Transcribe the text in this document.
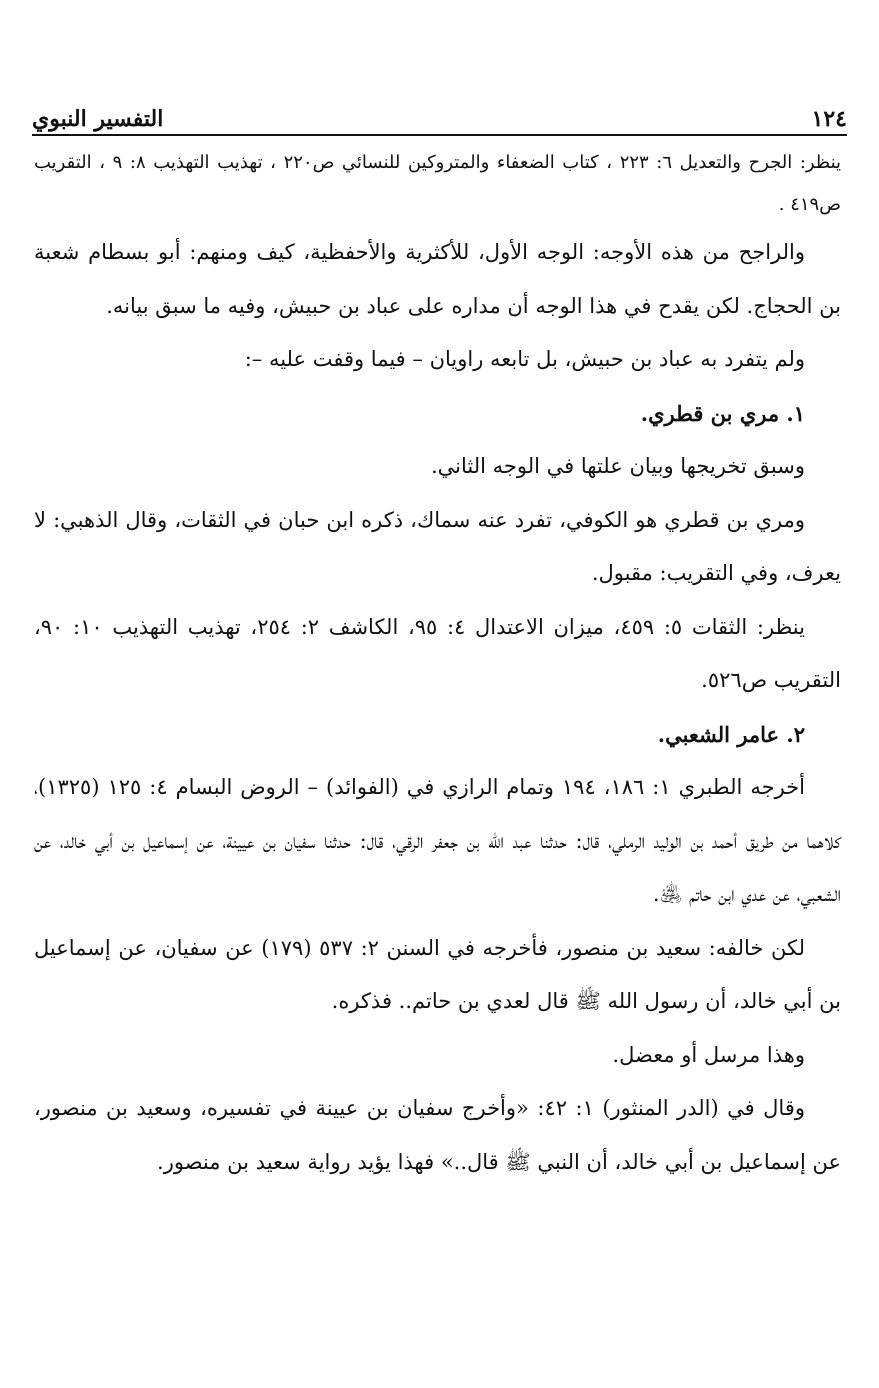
١٢٤
التفسير النبوي

ينظر: الجرح والتعديل ٦: ٢٢٣ ، كتاب الضعفاء والمتروكين للنسائي ص٢٢٠ ، تهذيب التهذيب ٨: ٩ ، التقريب ص٤١٩ .

والراجح من هذه الأوجه: الوجه الأول، للأكثرية والأحفظية، كيف ومنهم: أبو بسطام شعبة بن الحجاج. لكن يقدح في هذا الوجه أن مداره على عباد بن حبيش، وفيه ما سبق بيانه.

ولم يتفرد به عباد بن حبيش، بل تابعه راويان – فيما وقفت عليه –:

١. مري بن قطري.

وسبق تخريجها وبيان علتها في الوجه الثاني.

ومري بن قطري هو الكوفي، تفرد عنه سماك، ذكره ابن حبان في الثقات، وقال الذهبي: لا يعرف، وفي التقريب: مقبول.

ينظر: الثقات ٥: ٤٥٩، ميزان الاعتدال ٤: ٩٥، الكاشف ٢: ٢٥٤، تهذيب التهذيب ١٠: ٩٠، التقريب ص٥٢٦.

٢. عامر الشعبي.

أخرجه الطبري ١: ١٨٦، ١٩٤ وتمام الرازي في (الفوائد) – الروض البسام ٤: ١٢٥ (١٣٢٥)، كلاهما من طريق أحمد بن الوليد الرملي، قال: حدثنا عبد الله بن جعفر الرقي، قال: حدثنا سفيان بن عيينة، عن إسماعيل بن أبي خالد، عن الشعبي، عن عدي ابن حاتم ﵁.

لكن خالفه: سعيد بن منصور، فأخرجه في السنن ٢: ٥٣٧ (١٧٩) عن سفيان، عن إسماعيل بن أبي خالد، أن رسول الله ﷺ قال لعدي بن حاتم.. فذكره.

وهذا مرسل أو معضل.

وقال في (الدر المنثور) ١: ٤٢: «وأخرج سفيان بن عيينة في تفسيره، وسعيد بن منصور، عن إسماعيل بن أبي خالد، أن النبي ﷺ قال..» فهذا يؤيد رواية سعيد بن منصور.
